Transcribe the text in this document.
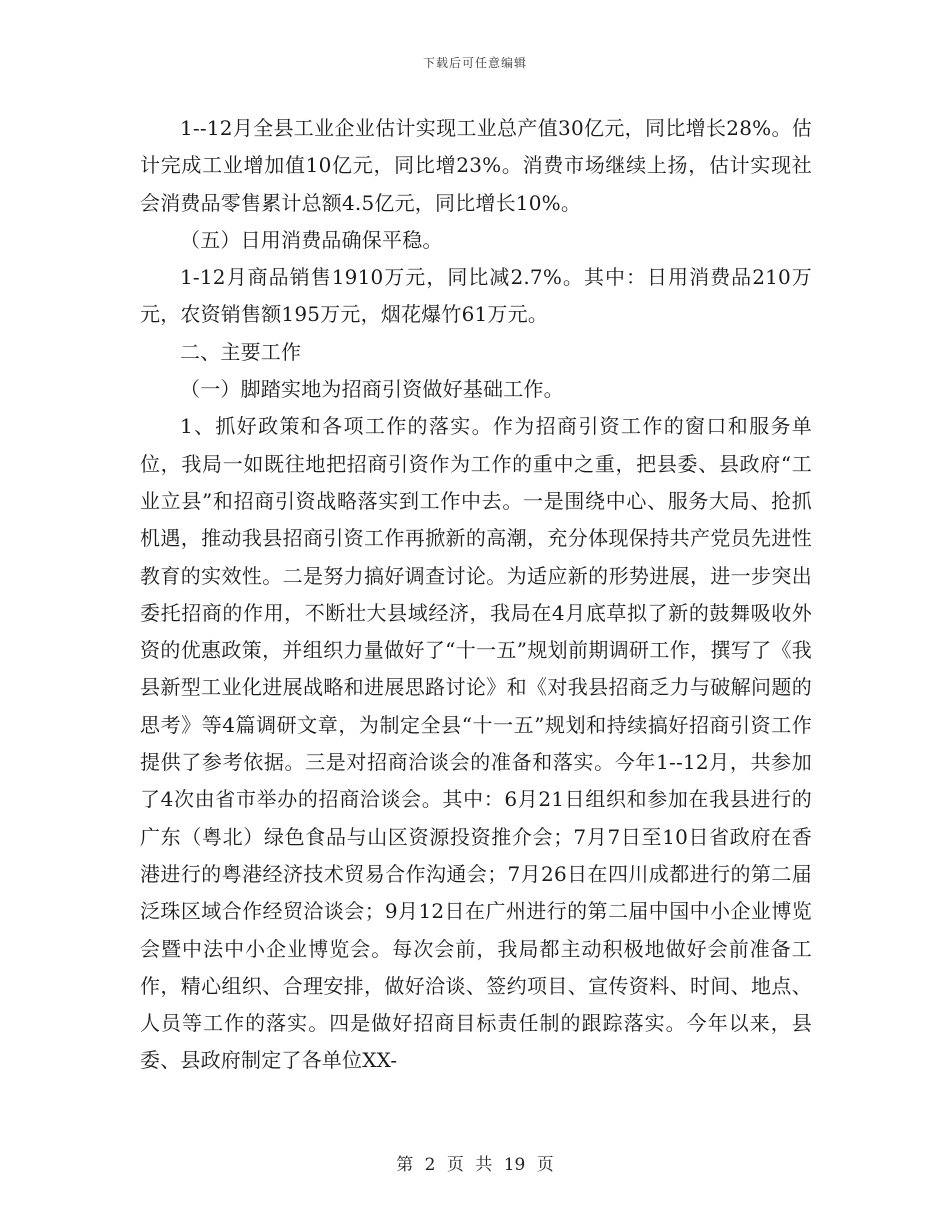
下载后可任意编辑

1--12月全县工业企业估计实现工业总产值30亿元，同比增长28%。估计完成工业增加值10亿元，同比增23%。消费市场继续上扬，估计实现社会消费品零售累计总额4.5亿元，同比增长10%。

（五）日用消费品确保平稳。

1-12月商品销售1910万元，同比减2.7%。其中：日用消费品210万元，农资销售额195万元，烟花爆竹61万元。

二、主要工作

（一）脚踏实地为招商引资做好基础工作。

1、抓好政策和各项工作的落实。作为招商引资工作的窗口和服务单位，我局一如既往地把招商引资作为工作的重中之重，把县委、县政府“工业立县”和招商引资战略落实到工作中去。一是围绕中心、服务大局、抢抓机遇，推动我县招商引资工作再掀新的高潮，充分体现保持共产党员先进性教育的实效性。二是努力搞好调查讨论。为适应新的形势进展，进一步突出委托招商的作用，不断壮大县域经济，我局在4月底草拟了新的鼓舞吸收外资的优惠政策，并组织力量做好了“十一五”规划前期调研工作，撰写了《我县新型工业化进展战略和进展思路讨论》和《对我县招商乏力与破解问题的思考》等4篇调研文章，为制定全县“十一五”规划和持续搞好招商引资工作提供了参考依据。三是对招商洽谈会的准备和落实。今年1--12月，共参加了4次由省市举办的招商洽谈会。其中：6月21日组织和参加在我县进行的广东（粤北）绿色食品与山区资源投资推介会；7月7日至10日省政府在香港进行的粤港经济技术贸易合作沟通会；7月26日在四川成都进行的第二届泛珠区域合作经贸洽谈会；9月12日在广州进行的第二届中国中小企业博览会暨中法中小企业博览会。每次会前，我局都主动积极地做好会前准备工作，精心组织、合理安排，做好洽谈、签约项目、宣传资料、时间、地点、人员等工作的落实。四是做好招商目标责任制的跟踪落实。今年以来，县委、县政府制定了各单位XX-

第 2 页 共 19 页
